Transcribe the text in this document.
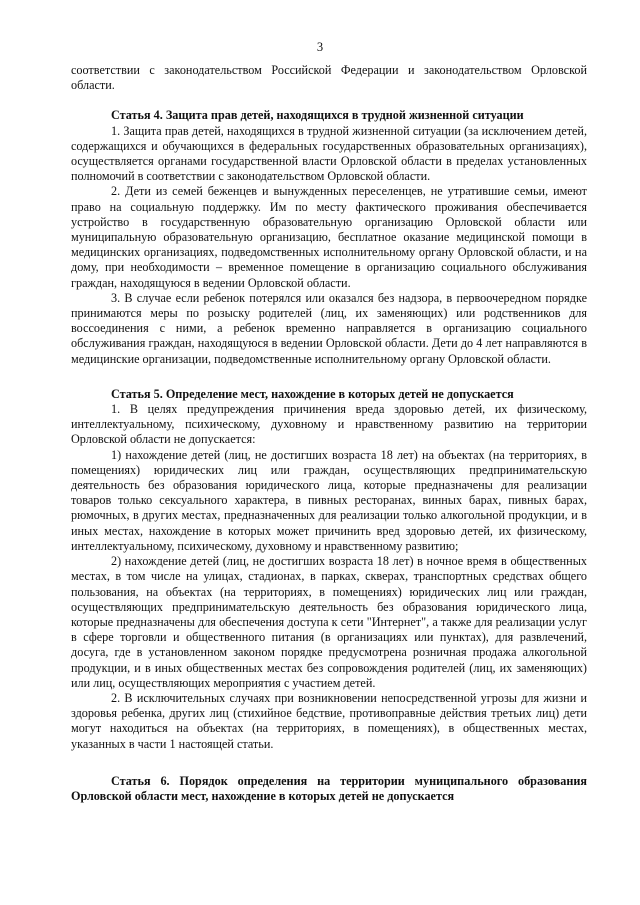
3

соответствии с законодательством Российской Федерации и законодательством Орловской области.

Статья 4. Защита прав детей, находящихся в трудной жизненной ситуации

1. Защита прав детей, находящихся в трудной жизненной ситуации (за исключением детей, содержащихся и обучающихся в федеральных государственных образовательных организациях), осуществляется органами государственной власти Орловской области в пределах установленных полномочий в соответствии с законодательством Орловской области.

2. Дети из семей беженцев и вынужденных переселенцев, не утратившие семьи, имеют право на социальную поддержку. Им по месту фактического проживания обеспечивается устройство в государственную образовательную организацию Орловской области или муниципальную образовательную организацию, бесплатное оказание медицинской помощи в медицинских организациях, подведомственных исполнительному органу Орловской области, и на дому, при необходимости – временное помещение в организацию социального обслуживания граждан, находящуюся в ведении Орловской области.

3. В случае если ребенок потерялся или оказался без надзора, в первоочередном порядке принимаются меры по розыску родителей (лиц, их заменяющих) или родственников для воссоединения с ними, а ребенок временно направляется в организацию социального обслуживания граждан, находящуюся в ведении Орловской области. Дети до 4 лет направляются в медицинские организации, подведомственные исполнительному органу Орловской области.

Статья 5. Определение мест, нахождение в которых детей не допускается

1. В целях предупреждения причинения вреда здоровью детей, их физическому, интеллектуальному, психическому, духовному и нравственному развитию на территории Орловской области не допускается:

1) нахождение детей (лиц, не достигших возраста 18 лет) на объектах (на территориях, в помещениях) юридических лиц или граждан, осуществляющих предпринимательскую деятельность без образования юридического лица, которые предназначены для реализации товаров только сексуального характера, в пивных ресторанах, винных барах, пивных барах, рюмочных, в других местах, предназначенных для реализации только алкогольной продукции, и в иных местах, нахождение в которых может причинить вред здоровью детей, их физическому, интеллектуальному, психическому, духовному и нравственному развитию;

2) нахождение детей (лиц, не достигших возраста 18 лет) в ночное время в общественных местах, в том числе на улицах, стадионах, в парках, скверах, транспортных средствах общего пользования, на объектах (на территориях, в помещениях) юридических лиц или граждан, осуществляющих предпринимательскую деятельность без образования юридического лица, которые предназначены для обеспечения доступа к сети "Интернет", а также для реализации услуг в сфере торговли и общественного питания (в организациях или пунктах), для развлечений, досуга, где в установленном законом порядке предусмотрена розничная продажа алкогольной продукции, и в иных общественных местах без сопровождения родителей (лиц, их заменяющих) или лиц, осуществляющих мероприятия с участием детей.

2. В исключительных случаях при возникновении непосредственной угрозы для жизни и здоровья ребенка, других лиц (стихийное бедствие, противоправные действия третьих лиц) дети могут находиться на объектах (на территориях, в помещениях), в общественных местах, указанных в части 1 настоящей статьи.

Статья 6. Порядок определения на территории муниципального образования Орловской области мест, нахождение в которых детей не допускается
